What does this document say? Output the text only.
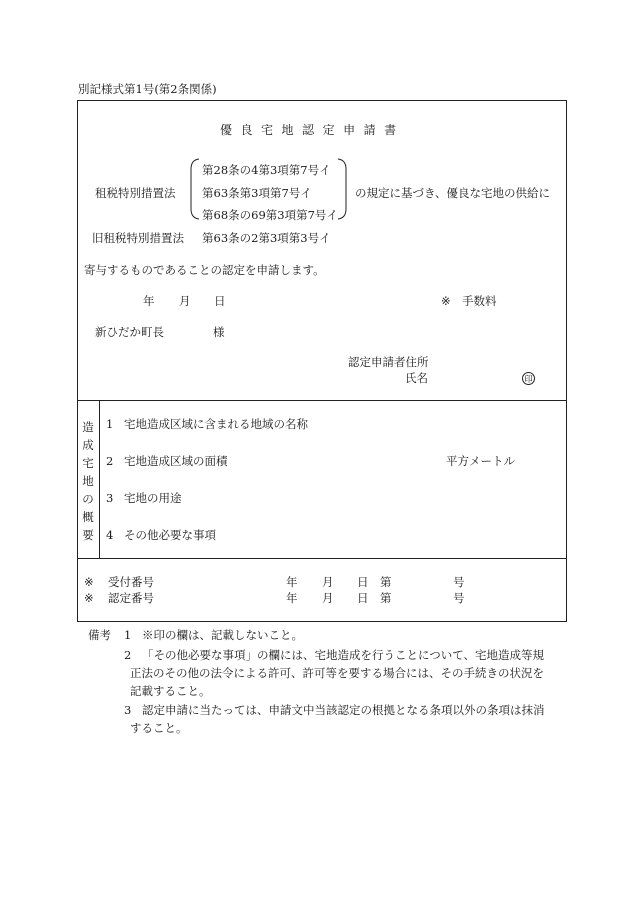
別記様式第1号(第2条関係)
優 良 宅 地 認 定 申 請 書
租税特別措置法
第28条の4第3項第7号イ
第63条第3項第7号イ
第68条の69第3項第7号イ
の規定に基づき、優良な宅地の供給に
旧租税特別措置法 第63条の2第3項第3号イ
寄与するものであることの認定を申請します。
年 月 日	※ 手数料
新ひだか町長	様
認定申請者住所
氏名	印
造
成
宅
地
の
概
要
1 宅地造成区域に含まれる地域の名称
2 宅地造成区域の面積	平方メートル
3 宅地の用途
4 その他必要な事項
※ 受付番号	年 月 日 第	号
※ 認定番号	年 月 日 第	号
備考 1 ※印の欄は、記載しないこと。
2 「その他必要な事項」の欄には、宅地造成を行うことについて、宅地造成等規
正法のその他の法令による許可、許可等を要する場合には、その手続きの状況を
記載すること。
3 認定申請に当たっては、申請文中当該認定の根拠となる条項以外の条項は抹消
すること。
